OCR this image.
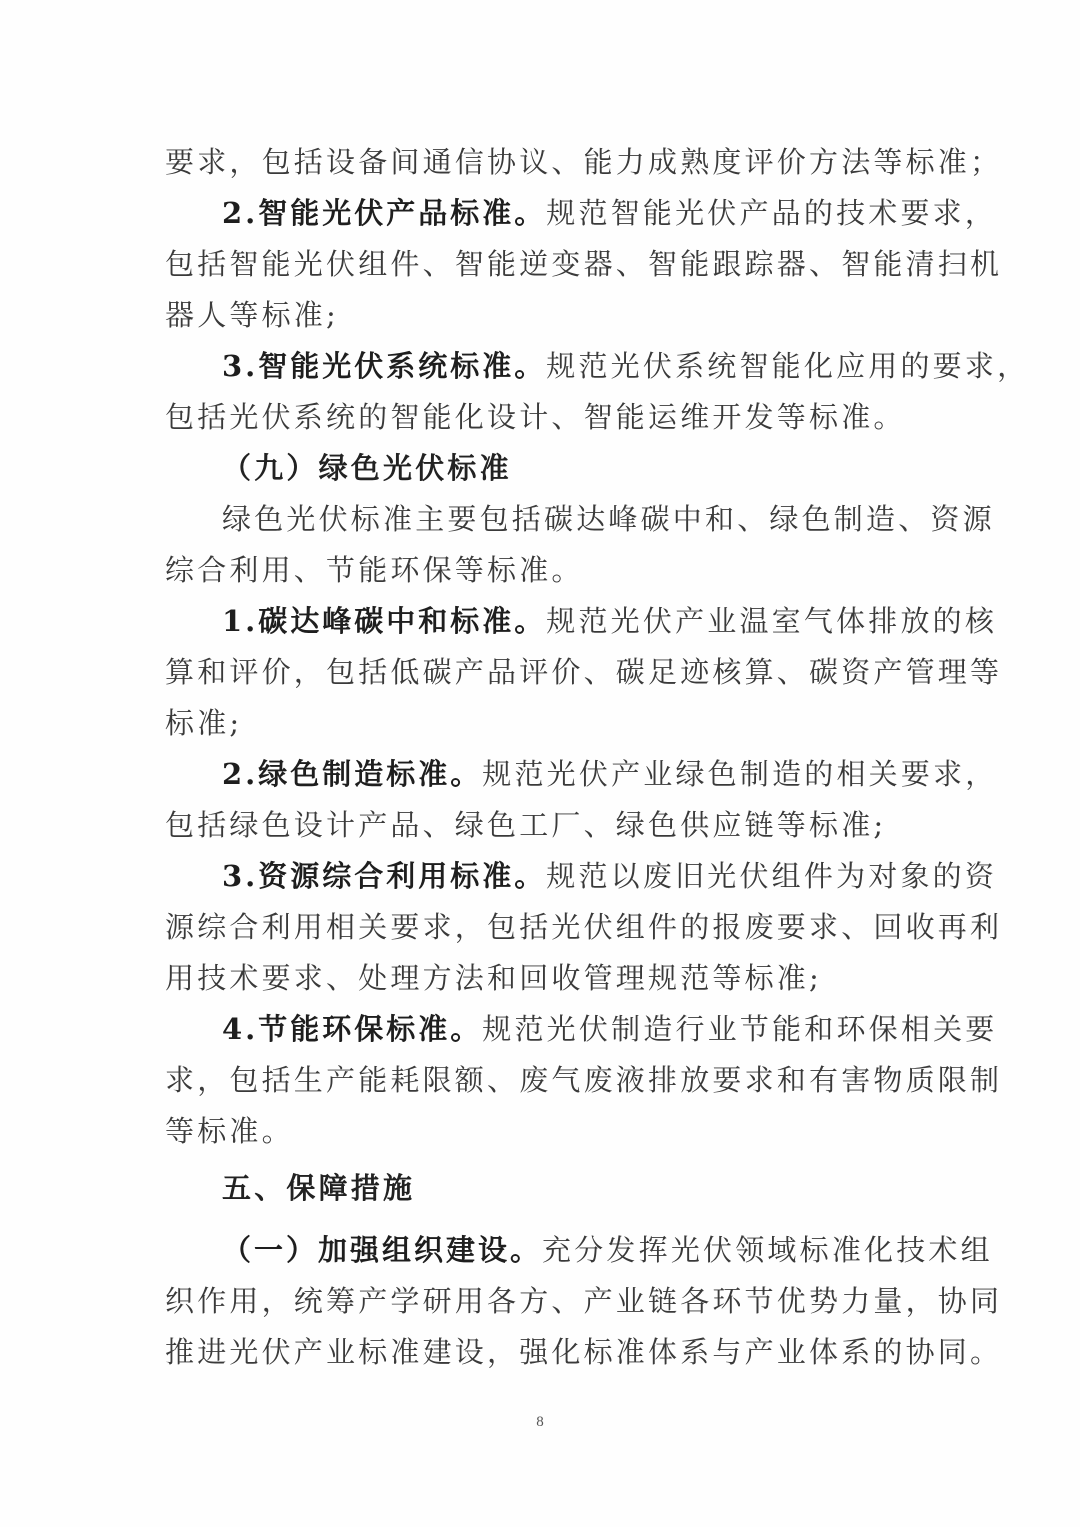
要求，包括设备间通信协议、能力成熟度评价方法等标准；
2.智能光伏产品标准。规范智能光伏产品的技术要求，
包括智能光伏组件、智能逆变器、智能跟踪器、智能清扫机
器人等标准;
3.智能光伏系统标准。规范光伏系统智能化应用的要求，
包括光伏系统的智能化设计、智能运维开发等标准。
（九）绿色光伏标准
绿色光伏标准主要包括碳达峰碳中和、绿色制造、资源
综合利用、节能环保等标准。
1.碳达峰碳中和标准。规范光伏产业温室气体排放的核
算和评价，包括低碳产品评价、碳足迹核算、碳资产管理等
标准;
2.绿色制造标准。规范光伏产业绿色制造的相关要求，
包括绿色设计产品、绿色工厂、绿色供应链等标准;
3.资源综合利用标准。规范以废旧光伏组件为对象的资
源综合利用相关要求，包括光伏组件的报废要求、回收再利
用技术要求、处理方法和回收管理规范等标准;
4.节能环保标准。规范光伏制造行业节能和环保相关要
求，包括生产能耗限额、废气废液排放要求和有害物质限制
等标准。
五、保障措施
（一）加强组织建设。充分发挥光伏领域标准化技术组
织作用，统筹产学研用各方、产业链各环节优势力量，协同
推进光伏产业标准建设，强化标准体系与产业体系的协同。
8
